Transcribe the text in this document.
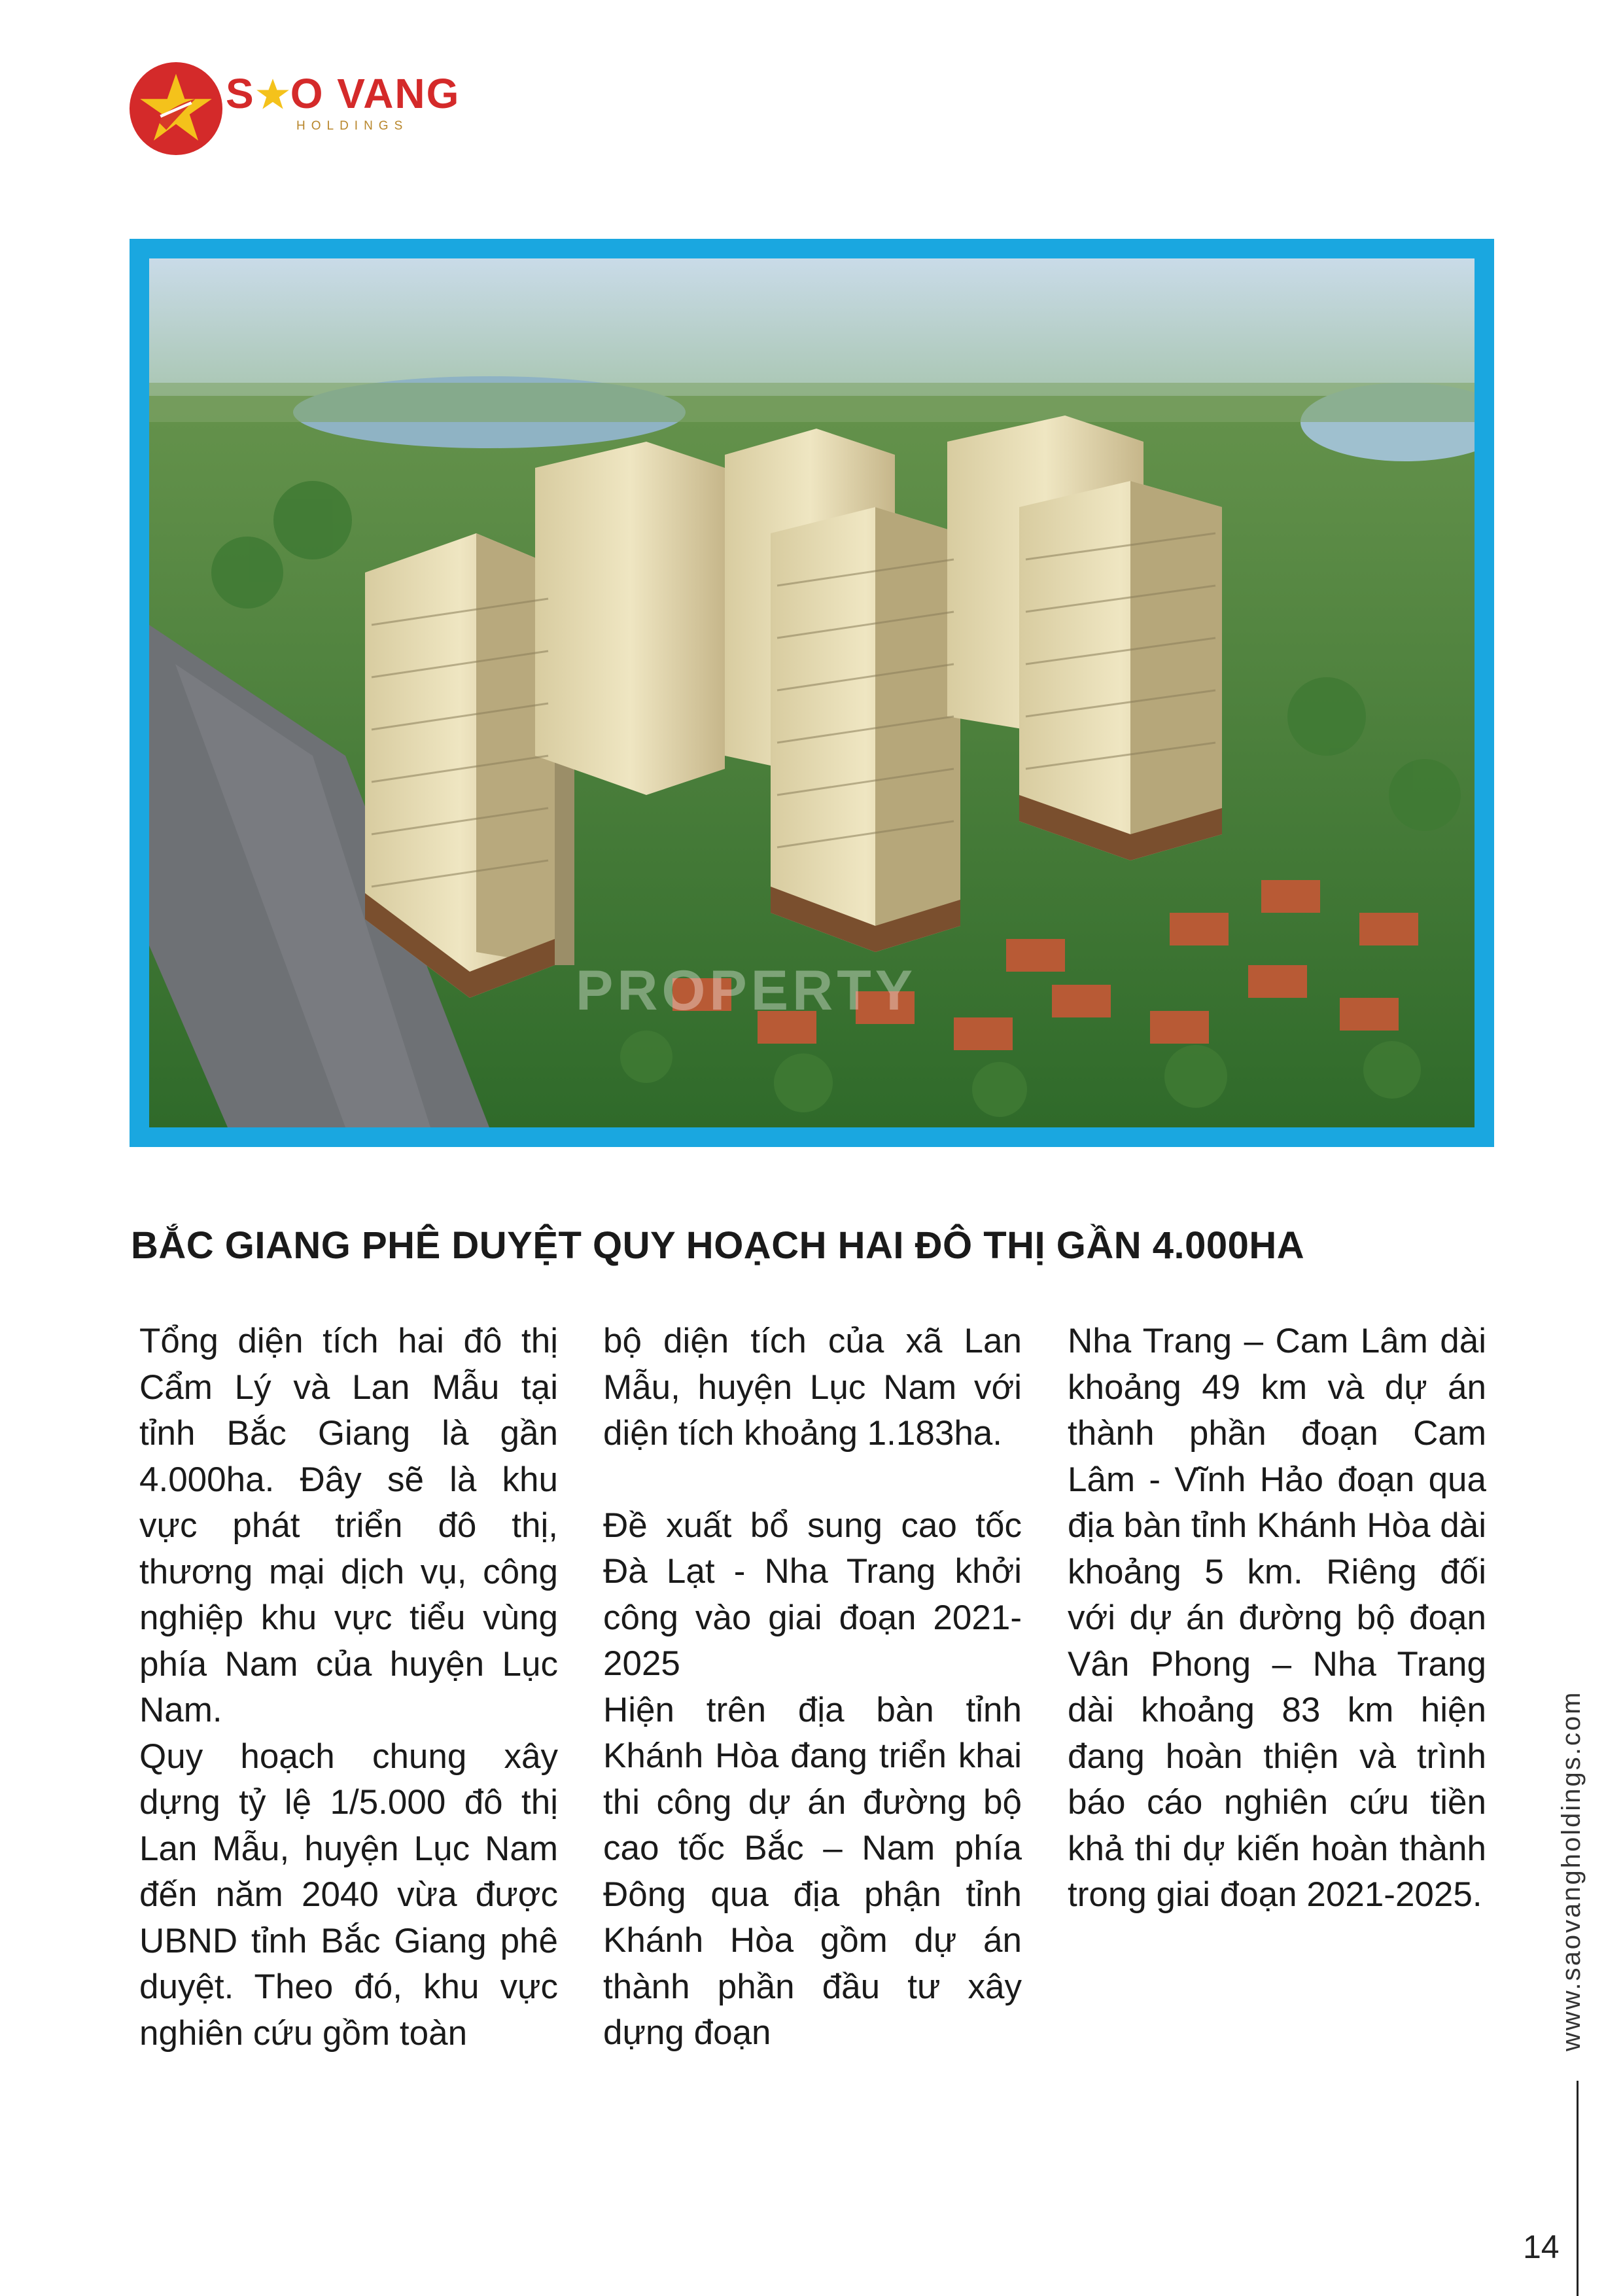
S O VANG
HOLDINGS
PROPERTY
BẮC GIANG PHÊ DUYỆT QUY HOẠCH HAI ĐÔ THỊ GẦN 4.000HA

Tổng diện tích hai đô thị Cẩm Lý và Lan Mẫu tại tỉnh Bắc Giang là gần 4.000ha. Đây sẽ là khu vực phát triển đô thị, thương mại dịch vụ, công nghiệp khu vực tiểu vùng phía Nam của huyện Lục Nam.

Quy hoạch chung xây dựng tỷ lệ 1/5.000 đô thị Lan Mẫu, huyện Lục Nam đến năm 2040 vừa được UBND tỉnh Bắc Giang phê duyệt. Theo đó, khu vực nghiên cứu gồm toàn

bộ diện tích của xã Lan Mẫu, huyện Lục Nam với diện tích khoảng 1.183ha.

Đề xuất bổ sung cao tốc Đà Lạt - Nha Trang khởi công vào giai đoạn 2021-2025

Hiện trên địa bàn tỉnh Khánh Hòa đang triển khai thi công dự án đường bộ cao tốc Bắc – Nam phía Đông qua địa phận tỉnh Khánh Hòa gồm dự án thành phần đầu tư xây dựng đoạn

Nha Trang – Cam Lâm dài khoảng 49 km và dự án thành phần đoạn Cam Lâm - Vĩnh Hảo đoạn qua địa bàn tỉnh Khánh Hòa dài khoảng 5 km. Riêng đối với dự án đường bộ đoạn Vân Phong – Nha Trang dài khoảng 83 km hiện đang hoàn thiện và trình báo cáo nghiên cứu tiền khả thi dự kiến hoàn thành trong giai đoạn 2021-2025.	www.saovangholdings.com
14
